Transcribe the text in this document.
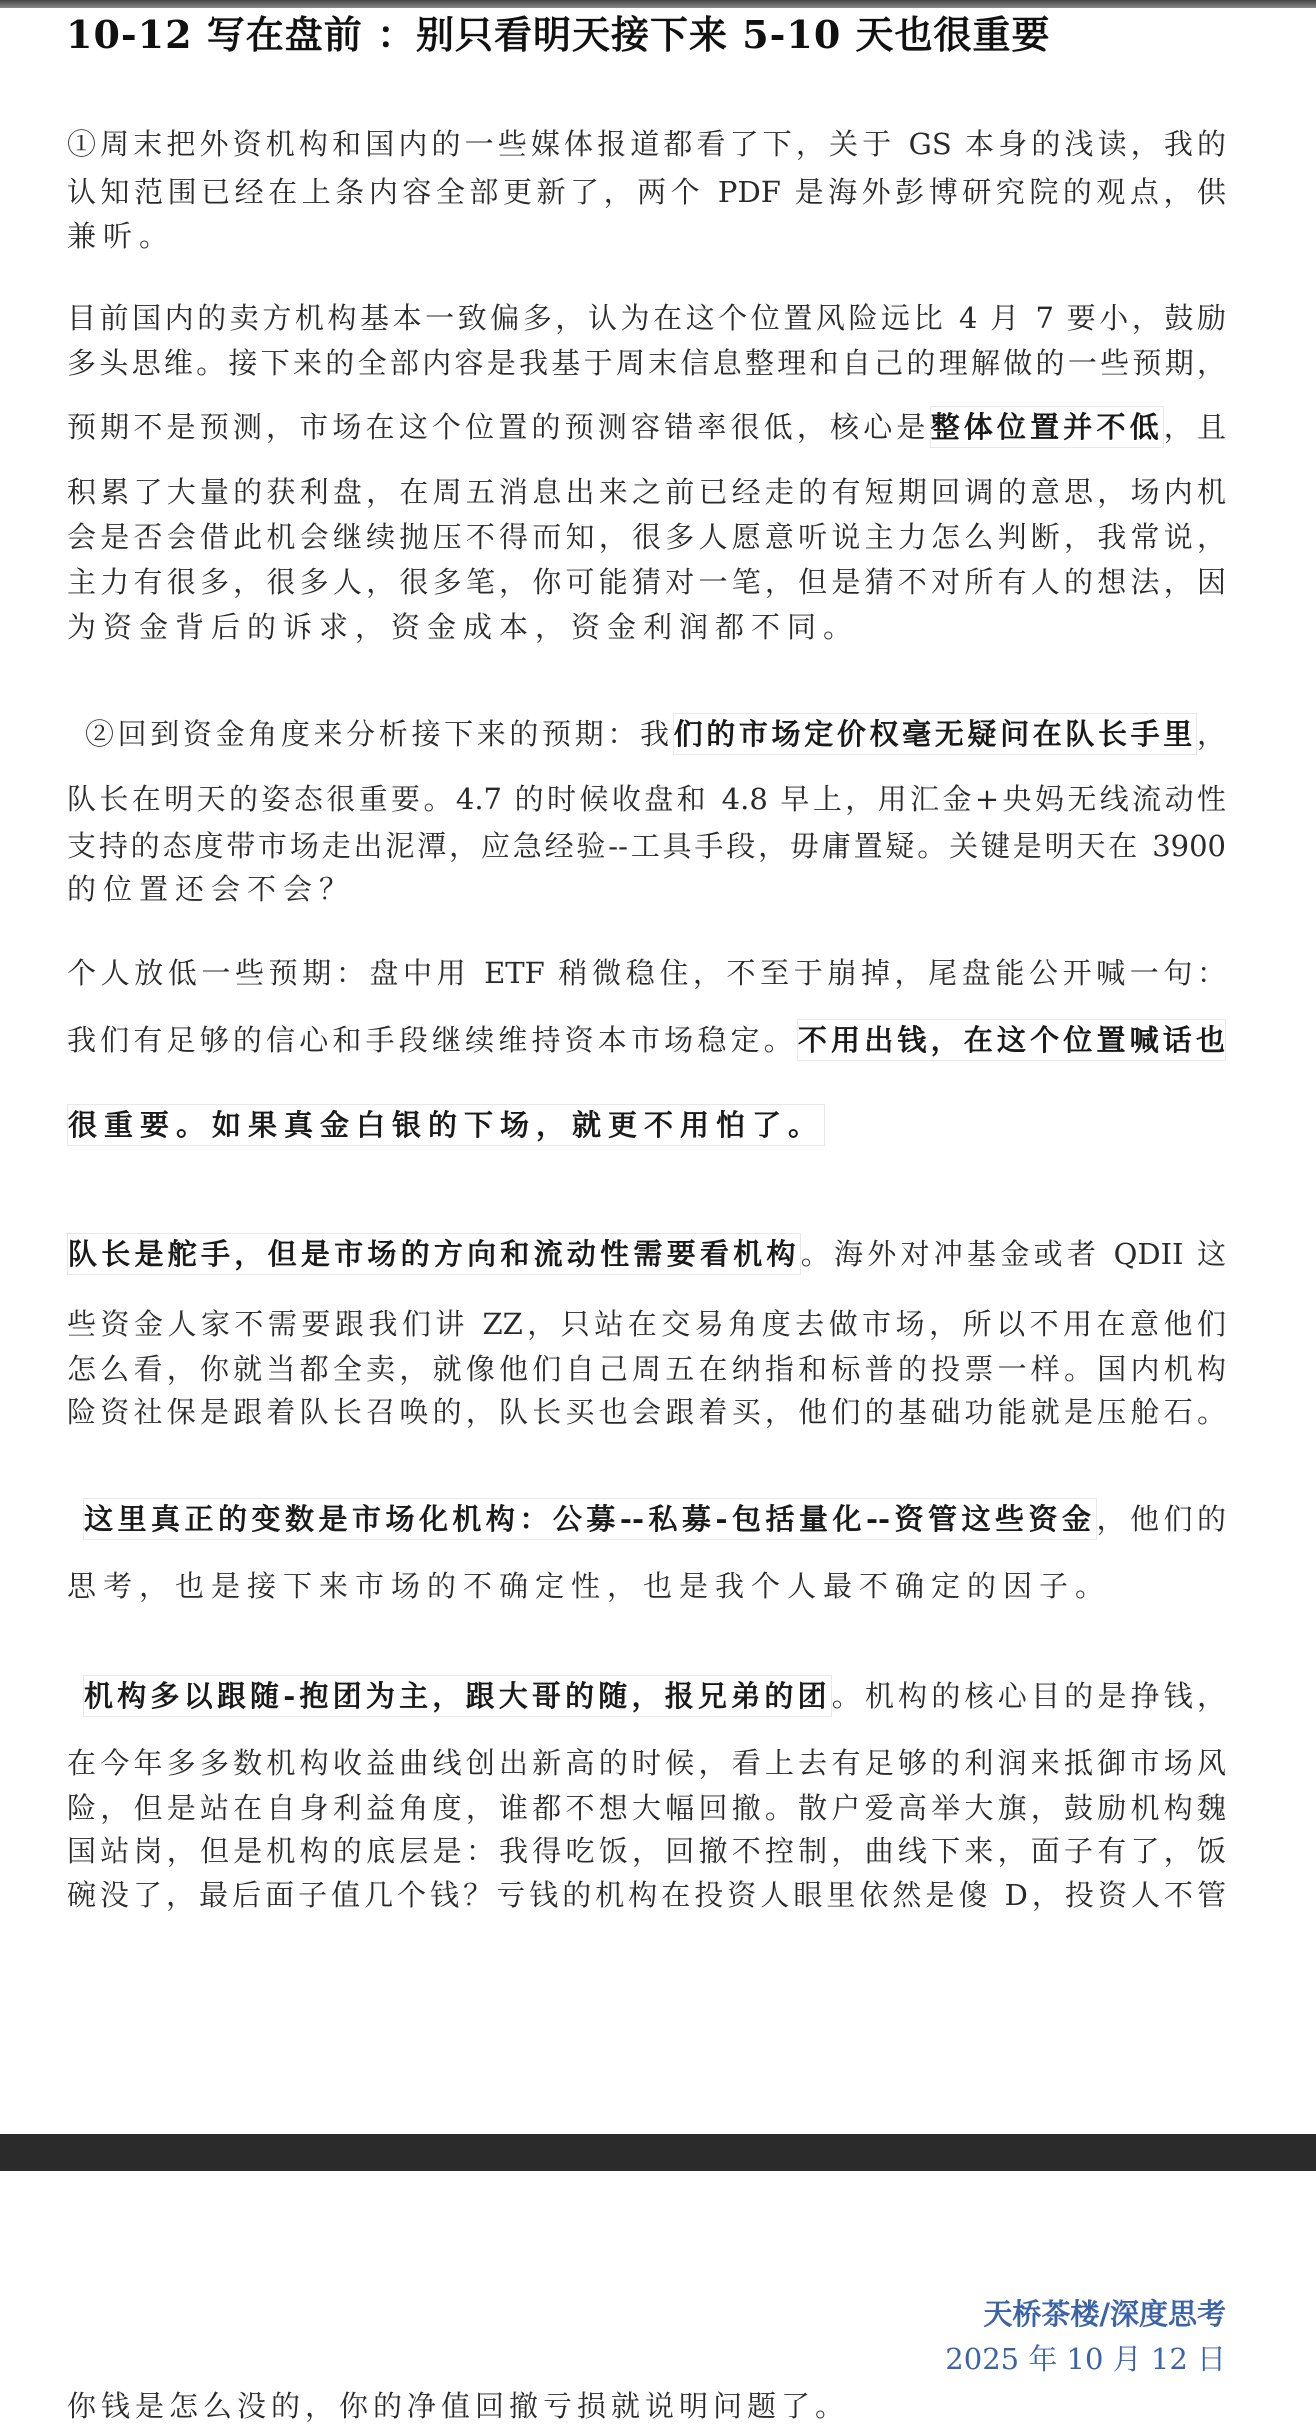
10-12 写在盘前 ：别只看明天接下来 5-10 天也很重要
①周末把外资机构和国内的一些媒体报道都看了下，关于 GS 本身的浅读，我的
认知范围已经在上条内容全部更新了，两个 PDF 是海外彭博研究院的观点，供
兼听。
目前国内的卖方机构基本一致偏多，认为在这个位置风险远比 4 月 7 要小，鼓励
多头思维。接下来的全部内容是我基于周末信息整理和自己的理解做的一些预期，
预期不是预测，市场在这个位置的预测容错率很低，核心是整体位置并不低，且
积累了大量的获利盘，在周五消息出来之前已经走的有短期回调的意思，场内机
会是否会借此机会继续抛压不得而知，很多人愿意听说主力怎么判断，我常说，
主力有很多，很多人，很多笔，你可能猜对一笔，但是猜不对所有人的想法，因
为资金背后的诉求，资金成本，资金利润都不同。
②回到资金角度来分析接下来的预期：我们的市场定价权毫无疑问在队长手里，
队长在明天的姿态很重要。4.7 的时候收盘和 4.8 早上，用汇金+央妈无线流动性
支持的态度带市场走出泥潭，应急经验--工具手段，毋庸置疑。关键是明天在 3900
的位置还会不会？
个人放低一些预期：盘中用 ETF 稍微稳住，不至于崩掉，尾盘能公开喊一句：
我们有足够的信心和手段继续维持资本市场稳定。不用出钱，在这个位置喊话也
很重要。如果真金白银的下场，就更不用怕了。
队长是舵手，但是市场的方向和流动性需要看机构。海外对冲基金或者 QDII 这
些资金人家不需要跟我们讲 ZZ，只站在交易角度去做市场，所以不用在意他们
怎么看，你就当都全卖，就像他们自己周五在纳指和标普的投票一样。国内机构
险资社保是跟着队长召唤的，队长买也会跟着买，他们的基础功能就是压舱石。
这里真正的变数是市场化机构：公募--私募-包括量化--资管这些资金，他们的
思考，也是接下来市场的不确定性，也是我个人最不确定的因子。
机构多以跟随-抱团为主，跟大哥的随，报兄弟的团。机构的核心目的是挣钱，
在今年多多数机构收益曲线创出新高的时候，看上去有足够的利润来抵御市场风
险，但是站在自身利益角度，谁都不想大幅回撤。散户爱高举大旗，鼓励机构魏
国站岗，但是机构的底层是：我得吃饭，回撤不控制，曲线下来，面子有了，饭
碗没了，最后面子值几个钱？亏钱的机构在投资人眼里依然是傻 D，投资人不管
天桥茶楼/深度思考
2025 年 10 月 12 日
你钱是怎么没的，你的净值回撤亏损就说明问题了。
